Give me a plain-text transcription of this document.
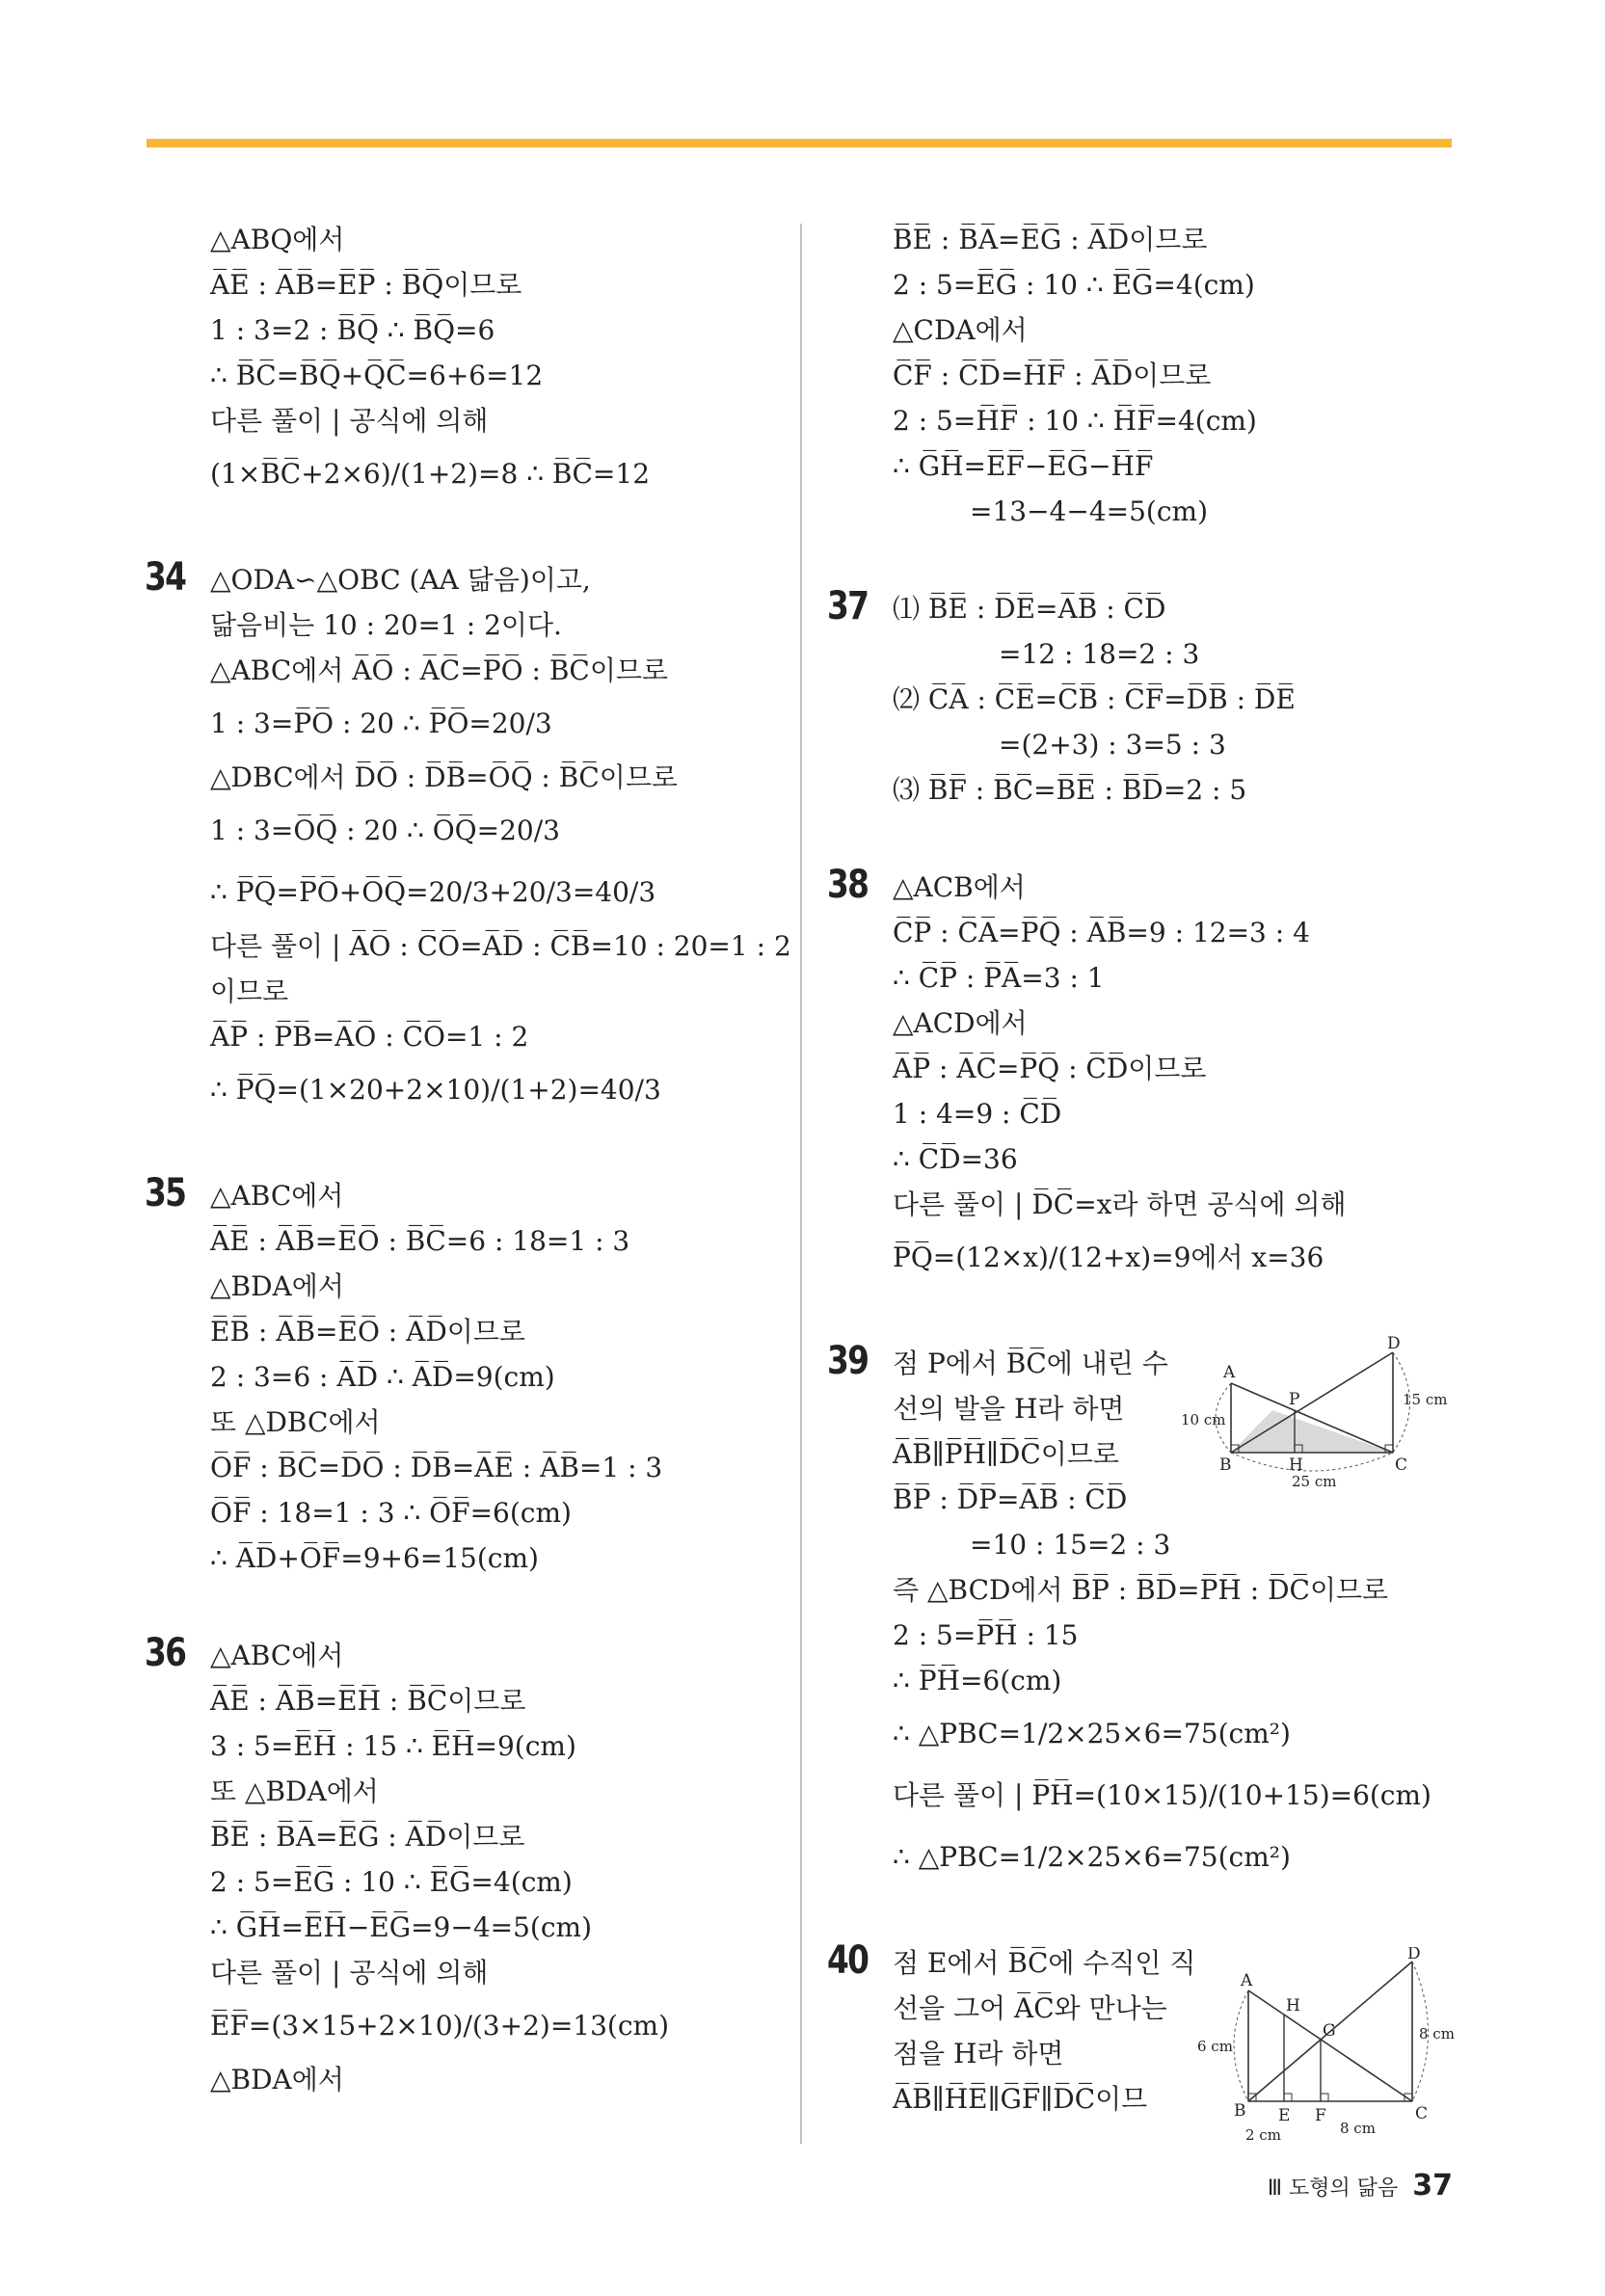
△ABQ에서
A̅E̅ : A̅B̅=E̅P̅ : B̅Q̅이므로
1 : 3=2 : B̅Q̅ ∴ B̅Q̅=6
∴ B̅C̅=B̅Q̅+Q̅C̅=6+6=12
다른 풀이 | 공식에 의해
(1×B̅C̅+2×6)/(1+2)=8 ∴ B̅C̅=12
34 △ODA∽△OBC (AA 닮음)이고,
닮음비는 10 : 20=1 : 2이다.
△ABC에서 A̅O̅ : A̅C̅=P̅O̅ : B̅C̅이므로
1 : 3=P̅O̅ : 20 ∴ P̅O̅=20/3
△DBC에서 D̅O̅ : D̅B̅=O̅Q̅ : B̅C̅이므로
1 : 3=O̅Q̅ : 20 ∴ O̅Q̅=20/3
∴ P̅Q̅=P̅O̅+O̅Q̅=20/3+20/3=40/3
다른 풀이 | A̅O̅ : C̅O̅=A̅D̅ : C̅B̅=10 : 20=1 : 2
이므로
A̅P̅ : P̅B̅=A̅O̅ : C̅O̅=1 : 2
∴ P̅Q̅=(1×20+2×10)/(1+2)=40/3
35 △ABC에서
A̅E̅ : A̅B̅=E̅O̅ : B̅C̅=6 : 18=1 : 3
△BDA에서
E̅B̅ : A̅B̅=E̅O̅ : A̅D̅이므로
2 : 3=6 : A̅D̅ ∴ A̅D̅=9(cm)
또 △DBC에서
O̅F̅ : B̅C̅=D̅O̅ : D̅B̅=A̅E̅ : A̅B̅=1 : 3
O̅F̅ : 18=1 : 3 ∴ O̅F̅=6(cm)
∴ A̅D̅+O̅F̅=9+6=15(cm)
36 △ABC에서
A̅E̅ : A̅B̅=E̅H̅ : B̅C̅이므로
3 : 5=E̅H̅ : 15 ∴ E̅H̅=9(cm)
또 △BDA에서
B̅E̅ : B̅A̅=E̅G̅ : A̅D̅이므로
2 : 5=E̅G̅ : 10 ∴ E̅G̅=4(cm)
∴ G̅H̅=E̅H̅−E̅G̅=9−4=5(cm)
다른 풀이 | 공식에 의해
E̅F̅=(3×15+2×10)/(3+2)=13(cm)
△BDA에서
B̅E̅ : B̅A̅=E̅G̅ : A̅D̅이므로
2 : 5=E̅G̅ : 10 ∴ E̅G̅=4(cm)
△CDA에서
C̅F̅ : C̅D̅=H̅F̅ : A̅D̅이므로
2 : 5=H̅F̅ : 10 ∴ H̅F̅=4(cm)
∴ G̅H̅=E̅F̅−E̅G̅−H̅F̅
=13−4−4=5(cm)
37 ⑴ B̅E̅ : D̅E̅=A̅B̅ : C̅D̅
=12 : 18=2 : 3
⑵ C̅A̅ : C̅E̅=C̅B̅ : C̅F̅=D̅B̅ : D̅E̅
=(2+3) : 3=5 : 3
⑶ B̅F̅ : B̅C̅=B̅E̅ : B̅D̅=2 : 5
38 △ACB에서
C̅P̅ : C̅A̅=P̅Q̅ : A̅B̅=9 : 12=3 : 4
∴ C̅P̅ : P̅A̅=3 : 1
△ACD에서
A̅P̅ : A̅C̅=P̅Q̅ : C̅D̅이므로
1 : 4=9 : C̅D̅
∴ C̅D̅=36
다른 풀이 | D̅C̅=x라 하면 공식에 의해
P̅Q̅=(12×x)/(12+x)=9에서 x=36
39 점 P에서 B̅C̅에 내린 수
선의 발을 H라 하면
A̅B̅∥P̅H̅∥D̅C̅이므로
B̅P̅ : D̅P̅=A̅B̅ : C̅D̅
=10 : 15=2 : 3
즉 △BCD에서 B̅P̅ : B̅D̅=P̅H̅ : D̅C̅이므로
2 : 5=P̅H̅ : 15
∴ P̅H̅=6(cm)
∴ △PBC=1/2×25×6=75(cm²)
다른 풀이 | P̅H̅=(10×15)/(10+15)=6(cm)
∴ △PBC=1/2×25×6=75(cm²)
40 점 E에서 B̅C̅에 수직인 직
선을 그어 A̅C̅와 만나는
점을 H라 하면
A̅B̅∥H̅E̅∥G̅F̅∥D̅C̅이므
A
B	C
D
P
H
10 cm
15 cm
25 cm
A
B	C
D
E F
G
H
6 cm
8 cm
8 cm
2 cm
Ⅲ 도형의 닮음 37
